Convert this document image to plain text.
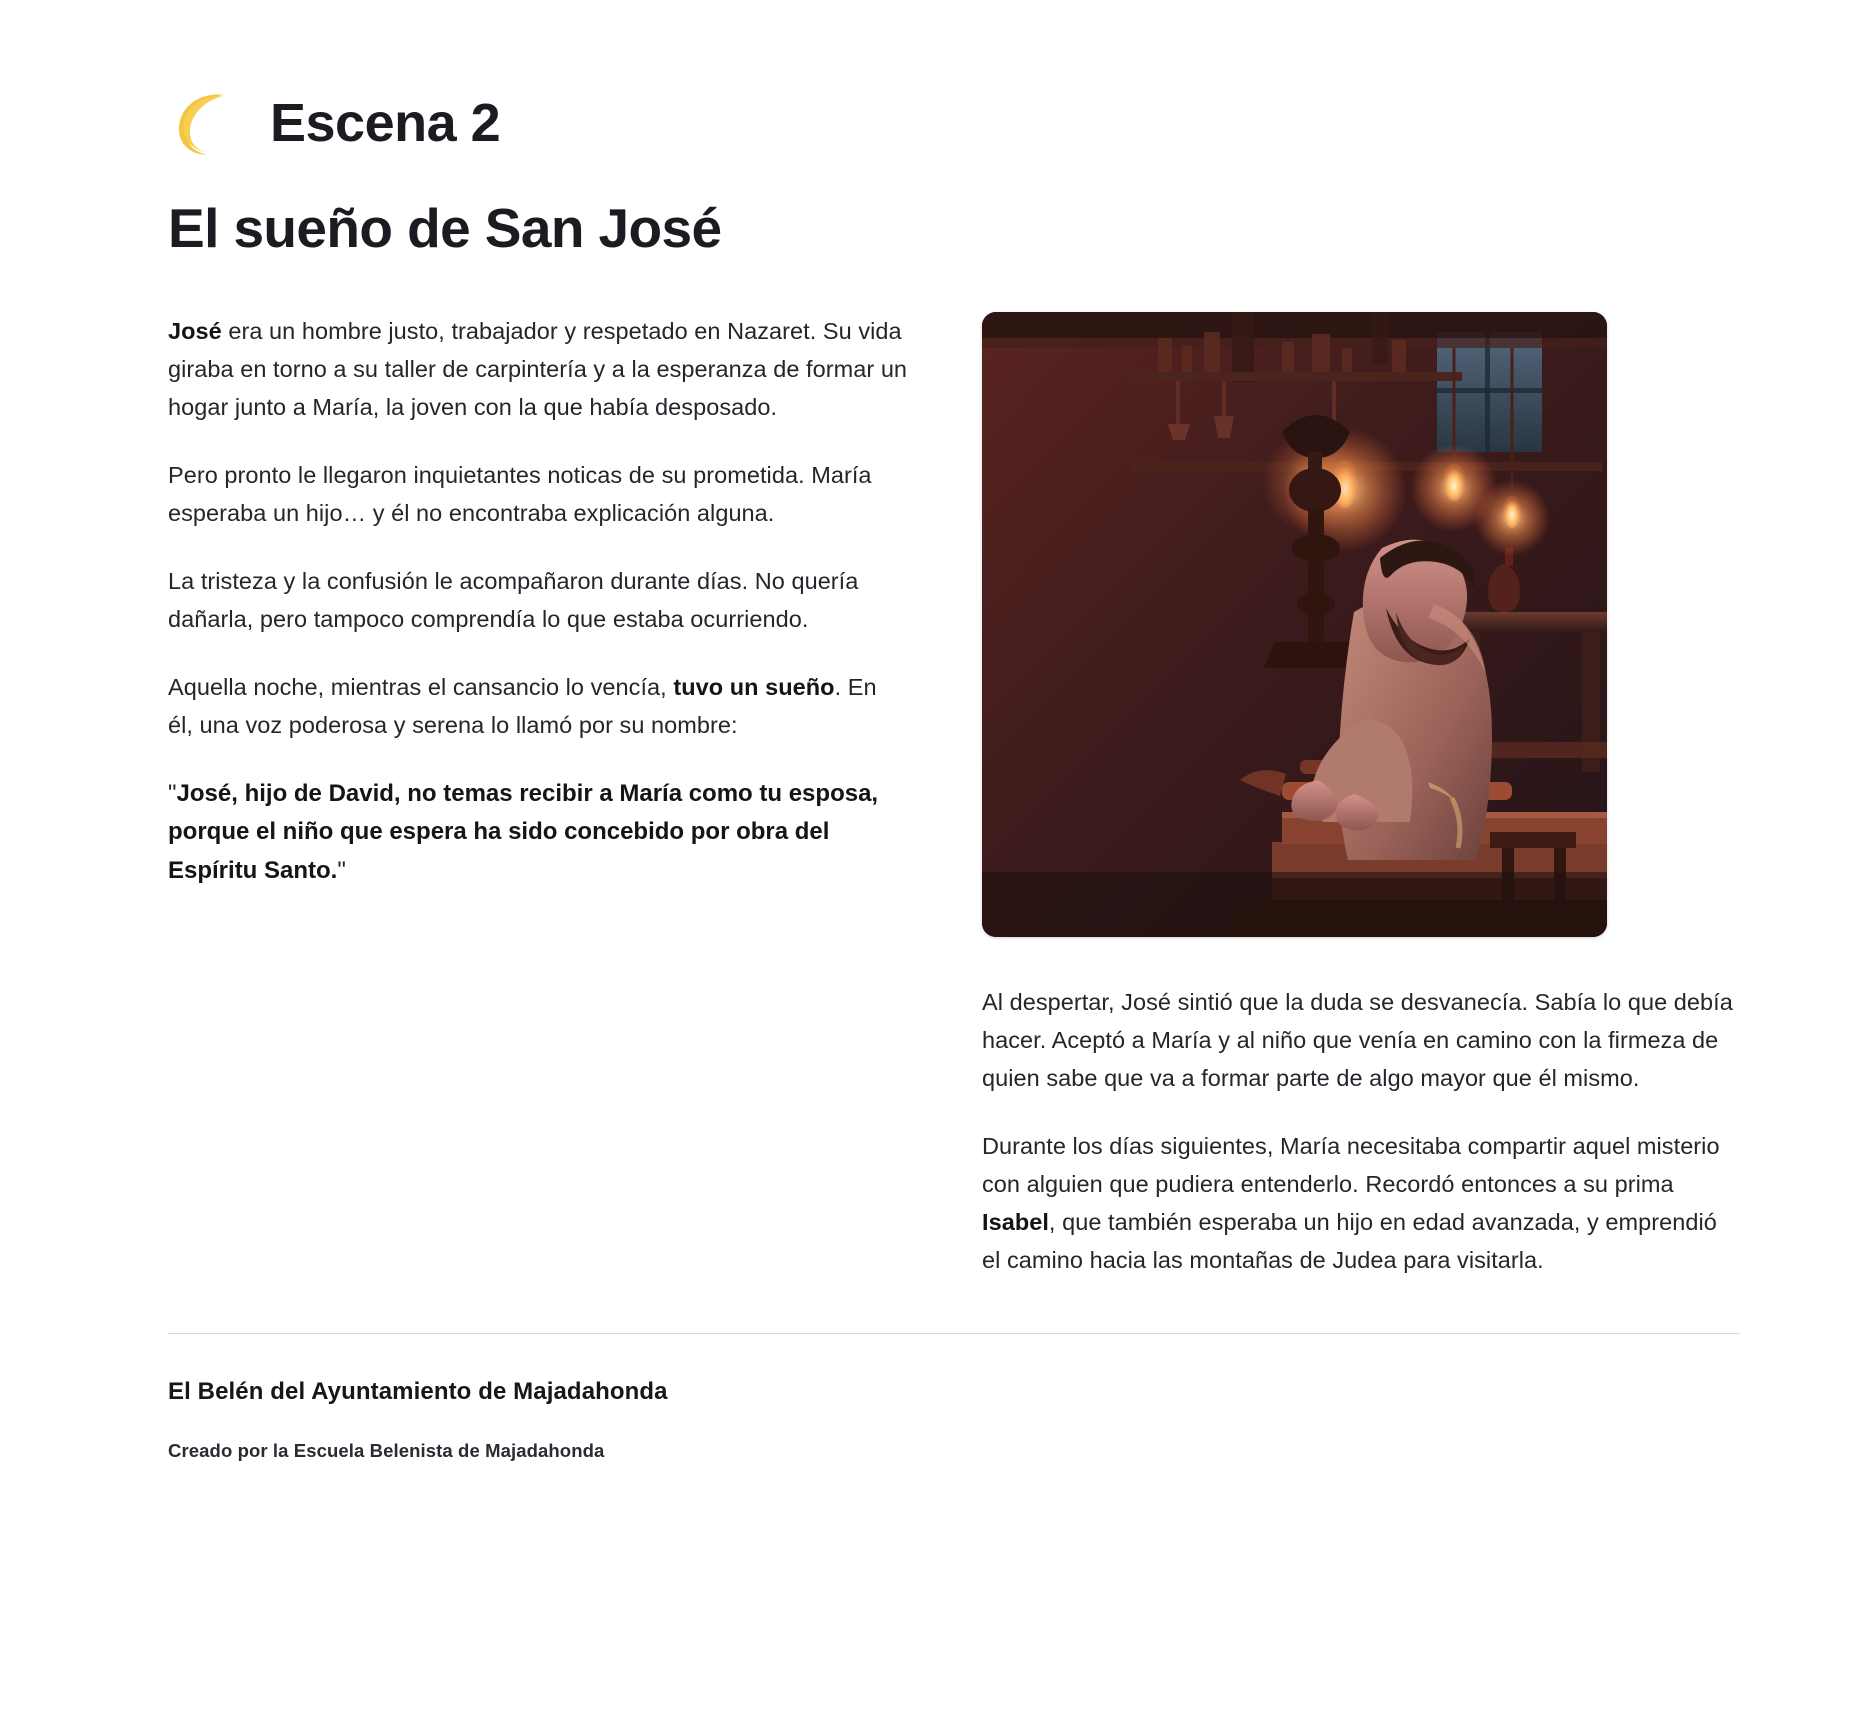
Escena 2
El sueño de San José

José era un hombre justo, trabajador y respetado en Nazaret. Su vida giraba en torno a su taller de carpintería y a la esperanza de formar un hogar junto a María, la joven con la que había desposado.

Pero pronto le llegaron inquietantes noticas de su prometida. María esperaba un hijo… y él no encontraba explicación alguna.

La tristeza y la confusión le acompañaron durante días. No quería dañarla, pero tampoco comprendía lo que estaba ocurriendo.

Aquella noche, mientras el cansancio lo vencía, tuvo un sueño. En él, una voz poderosa y serena lo llamó por su nombre:

"José, hijo de David, no temas recibir a María como tu esposa, porque el niño que espera ha sido concebido por obra del Espíritu Santo."

Al despertar, José sintió que la duda se desvanecía. Sabía lo que debía hacer. Aceptó a María y al niño que venía en camino con la firmeza de quien sabe que va a formar parte de algo mayor que él mismo.

Durante los días siguientes, María necesitaba compartir aquel misterio con alguien que pudiera entenderlo. Recordó entonces a su prima Isabel, que también esperaba un hijo en edad avanzada, y emprendió el camino hacia las montañas de Judea para visitarla.

El Belén del Ayuntamiento de Majadahonda

Creado por la Escuela Belenista de Majadahonda
